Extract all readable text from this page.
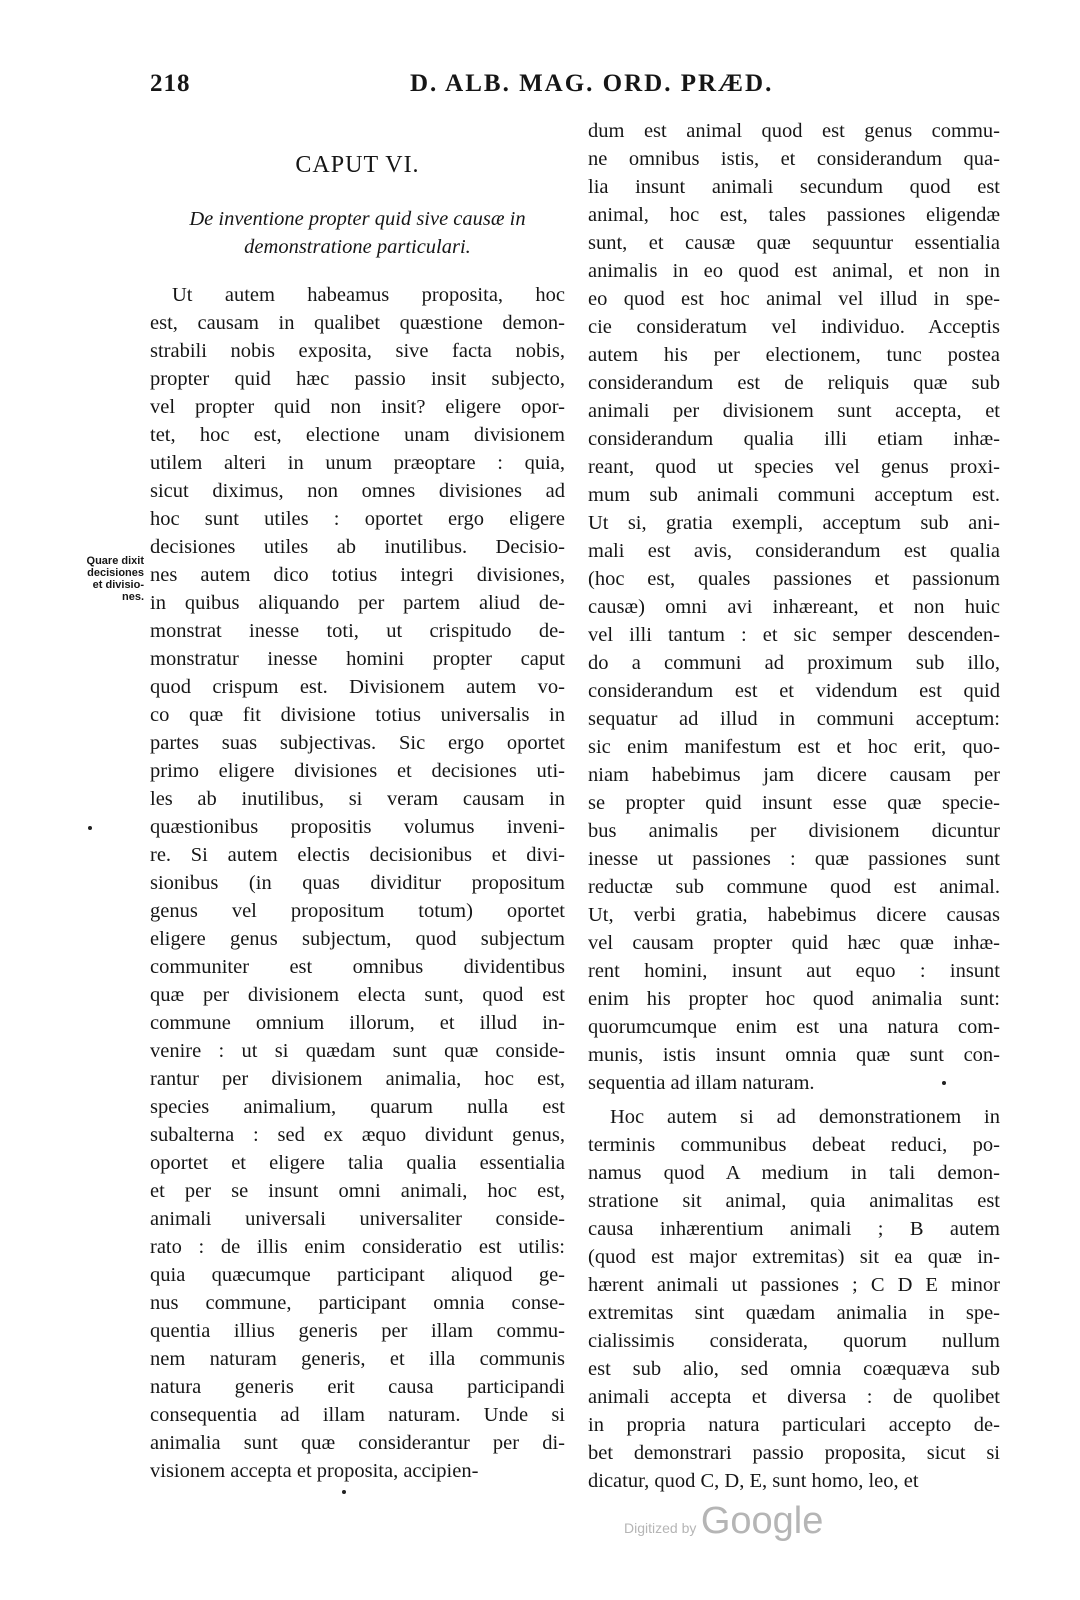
218	D. ALB. MAG. ORD. PRÆD.
Quare dixit
decisiones
et divisio-
nes.
CAPUT VI.
De inventione propter quid sive causæ in
demonstratione particulari.
Ut autem habeamus proposita, hoc
est, causam in qualibet quæstione demon-
strabili nobis exposita, sive facta nobis,
propter quid hæc passio insit subjecto,
vel propter quid non insit? eligere opor-
tet, hoc est, electione unam divisionem
utilem alteri in unum præoptare : quia,
sicut diximus, non omnes divisiones ad
hoc sunt utiles : oportet ergo eligere
decisiones utiles ab inutilibus. Decisio-
nes autem dico totius integri divisiones,
in quibus aliquando per partem aliud de-
monstrat inesse toti, ut crispitudo de-
monstratur inesse homini propter caput
quod crispum est. Divisionem autem vo-
co quæ fit divisione totius universalis in
partes suas subjectivas. Sic ergo oportet
primo eligere divisiones et decisiones uti-
les ab inutilibus, si veram causam in
quæstionibus propositis volumus inveni-
re. Si autem electis decisionibus et divi-
sionibus (in quas dividitur propositum
genus vel propositum totum) oportet
eligere genus subjectum, quod subjectum
communiter est omnibus dividentibus
quæ per divisionem electa sunt, quod est
commune omnium illorum, et illud in-
venire : ut si quædam sunt quæ conside-
rantur per divisionem animalia, hoc est,
species animalium, quarum nulla est
subalterna : sed ex æquo dividunt genus,
oportet et eligere talia qualia essentialia
et per se insunt omni animali, hoc est,
animali universali universaliter conside-
rato : de illis enim consideratio est utilis:
quia quæcumque participant aliquod ge-
nus commune, participant omnia conse-
quentia illius generis per illam commu-
nem naturam generis, et illa communis
natura generis erit causa participandi
consequentia ad illam naturam. Unde si
animalia sunt quæ considerantur per di-
visionem accepta et proposita, accipien-
dum est animal quod est genus commu-
ne omnibus istis, et considerandum qua-
lia insunt animali secundum quod est
animal, hoc est, tales passiones eligendæ
sunt, et causæ quæ sequuntur essentialia
animalis in eo quod est animal, et non in
eo quod est hoc animal vel illud in spe-
cie consideratum vel individuo. Acceptis
autem his per electionem, tunc postea
considerandum est de reliquis quæ sub
animali per divisionem sunt accepta, et
considerandum qualia illi etiam inhæ-
reant, quod ut species vel genus proxi-
mum sub animali communi acceptum est.
Ut si, gratia exempli, acceptum sub ani-
mali est avis, considerandum est qualia
(hoc est, quales passiones et passionum
causæ) omni avi inhæreant, et non huic
vel illi tantum : et sic semper descenden-
do a communi ad proximum sub illo,
considerandum est et videndum est quid
sequatur ad illud in communi acceptum:
sic enim manifestum est et hoc erit, quo-
niam habebimus jam dicere causam per
se propter quid insunt esse quæ specie-
bus animalis per divisionem dicuntur
inesse ut passiones : quæ passiones sunt
reductæ sub commune quod est animal.
Ut, verbi gratia, habebimus dicere causas
vel causam propter quid hæc quæ inhæ-
rent homini, insunt aut equo : insunt
enim his propter hoc quod animalia sunt:
quorumcumque enim est una natura com-
munis, istis insunt omnia quæ sunt con-
sequentia ad illam naturam.
Hoc autem si ad demonstrationem in
terminis communibus debeat reduci, po-
namus quod A medium in tali demon-
stratione sit animal, quia animalitas est
causa inhærentium animali ; B autem
(quod est major extremitas) sit ea quæ in-
hærent animali ut passiones ; C D E minor
extremitas sint quædam animalia in spe-
cialissimis considerata, quorum nullum
est sub alio, sed omnia coæquæva sub
animali accepta et diversa : de quolibet
in propria natura particulari accepto de-
bet demonstrari passio proposita, sicut si
dicatur, quod C, D, E, sunt homo, leo, et
Digitized by Google
